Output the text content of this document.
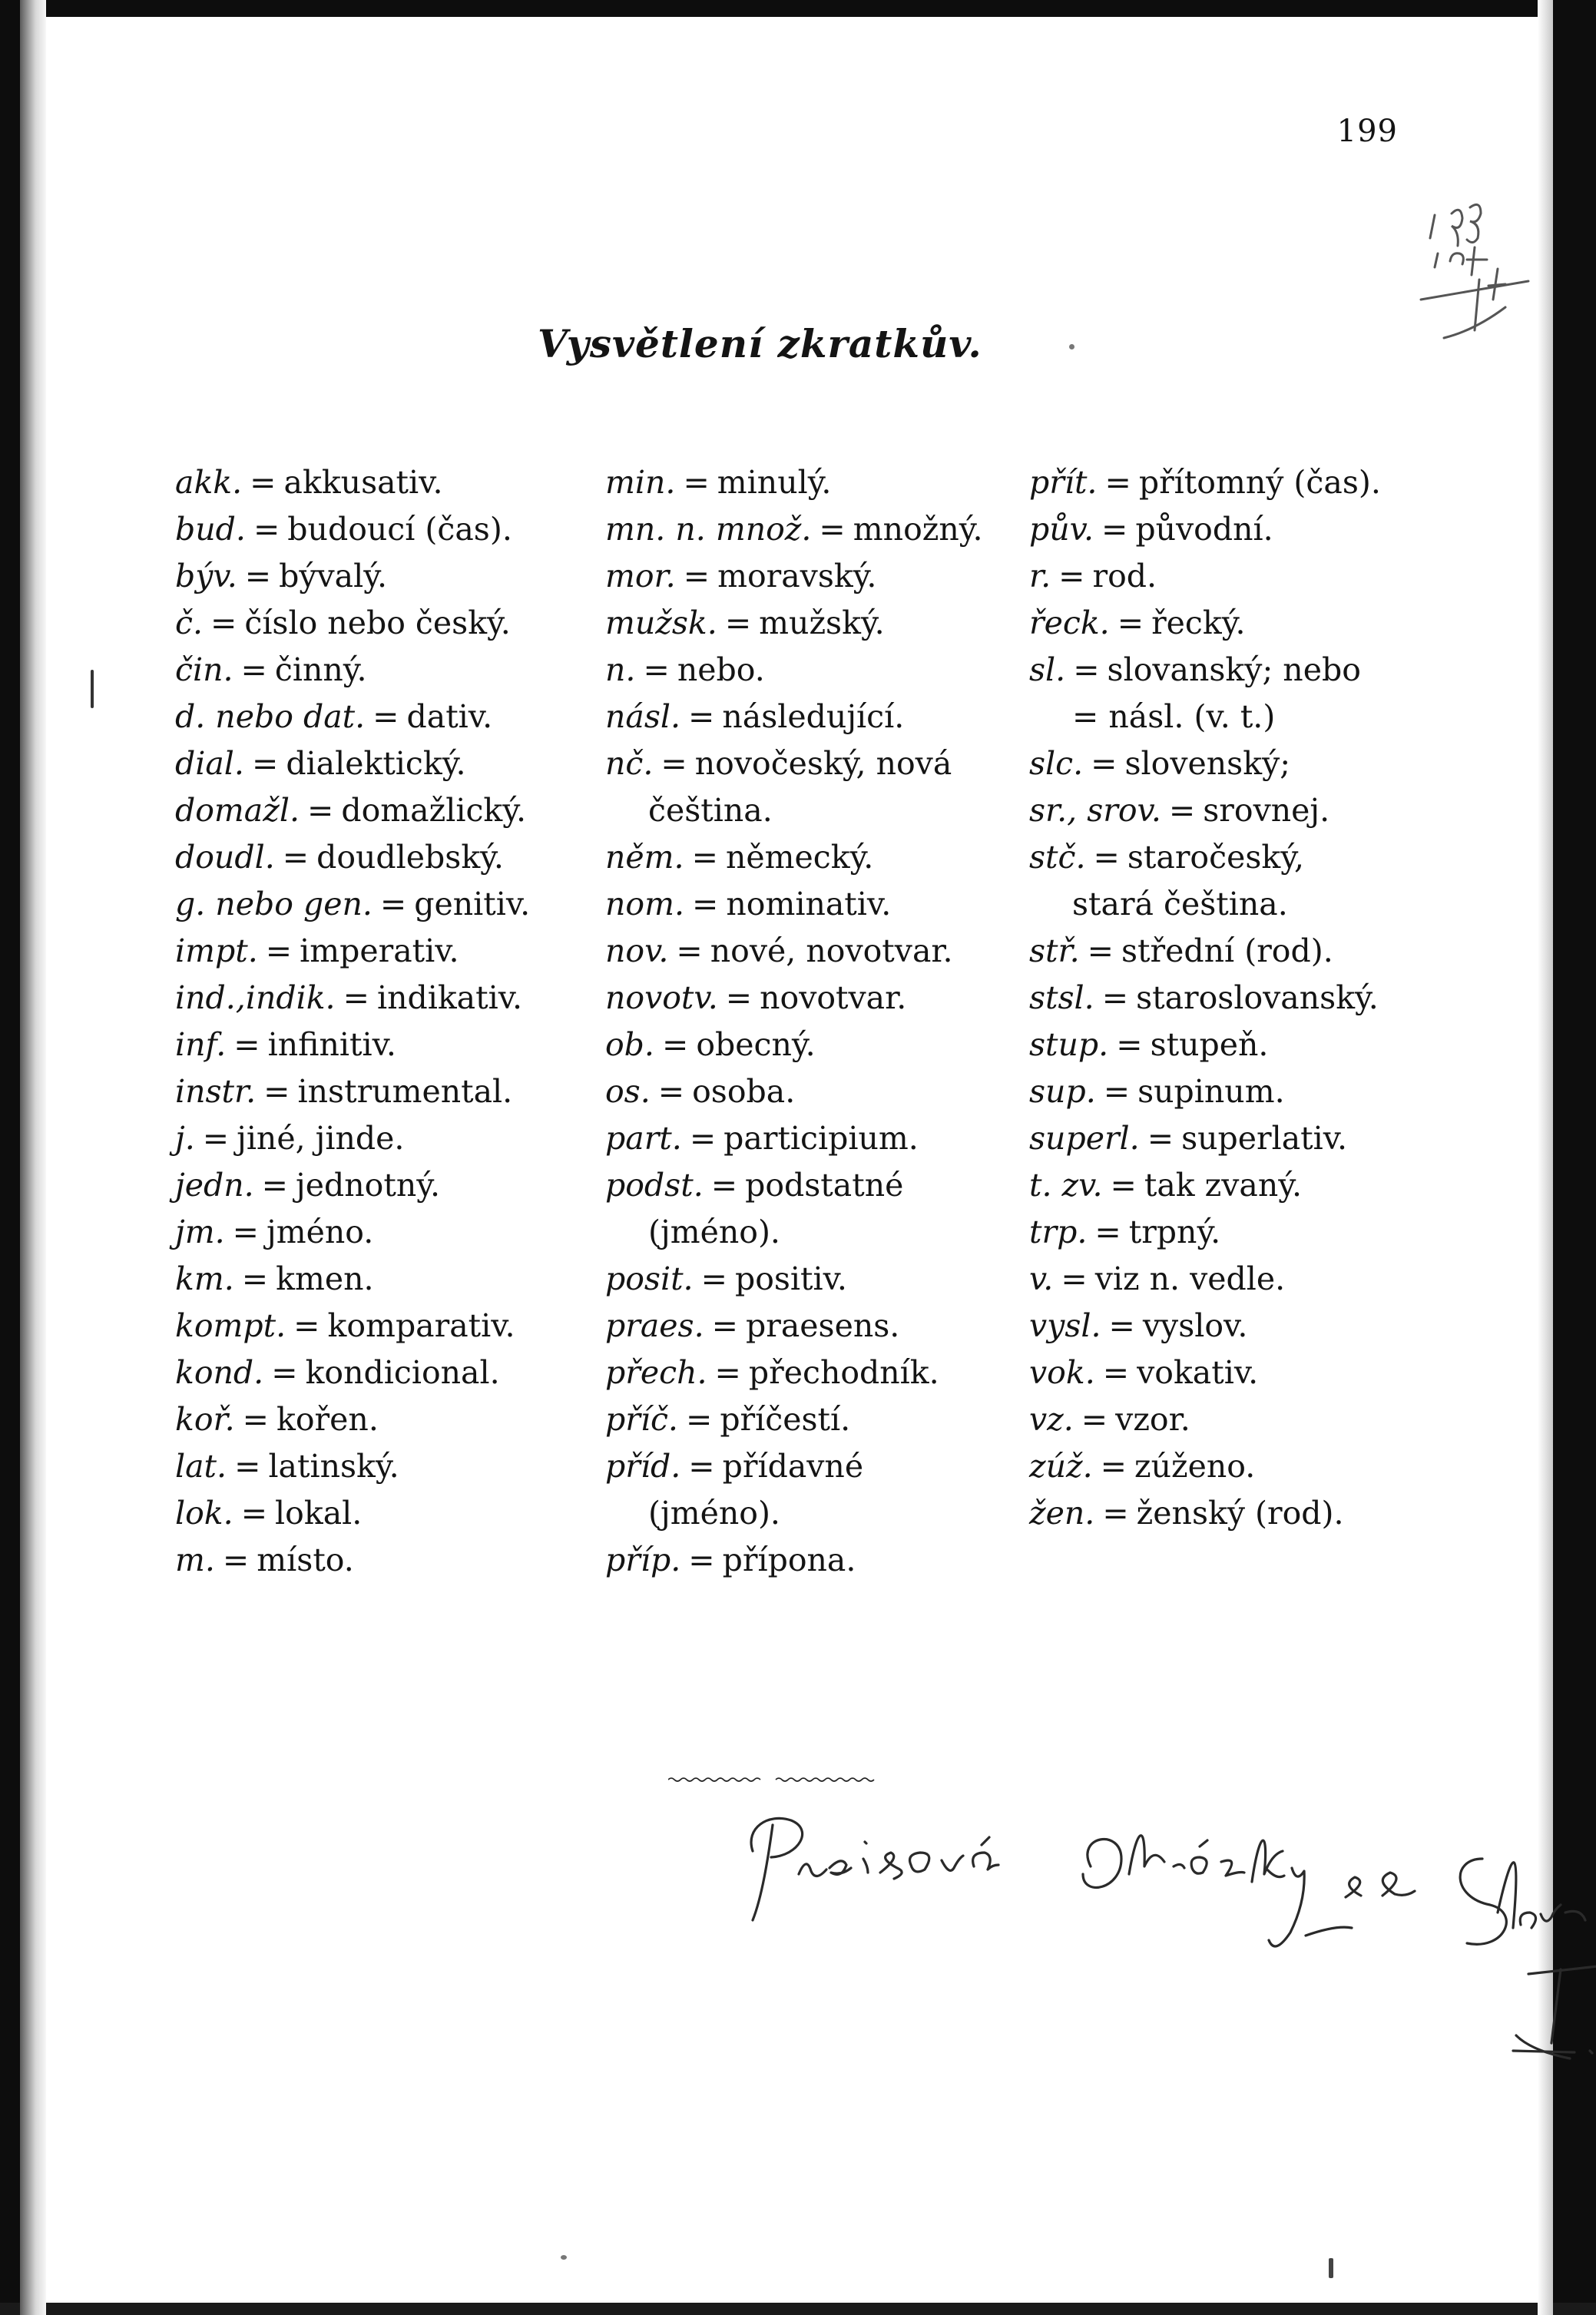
199
Vysvětlení zkratkův.
akk. = akkusativ.
bud. = budoucí (čas).
býv. = bývalý.
č. = číslo nebo český.
čin. = činný.
d. nebo dat. = dativ.
dial. = dialektický.
domažl. = domažlický.
doudl. = doudlebský.
g. nebo gen. = genitiv.
impt. = imperativ.
ind.,indik. = indikativ.
inf. = infinitiv.
instr. = instrumental.
j. = jiné, jinde.
jedn. = jednotný.
jm. = jméno.
km. = kmen.
kompt. = komparativ.
kond. = kondicional.
koř. = kořen.
lat. = latinský.
lok. = lokal.
m. = místo.
min. = minulý.
mn. n. množ. = množný.
mor. = moravský.
mužsk. = mužský.
n. = nebo.
násl. = následující.
nč. = novočeský, nová
čeština.
něm. = německý.
nom. = nominativ.
nov. = nové, novotvar.
novotv. = novotvar.
ob. = obecný.
os. = osoba.
part. = participium.
podst. = podstatné
(jméno).
posit. = positiv.
praes. = praesens.
přech. = přechodník.
příč. = příčestí.
příd. = přídavné
(jméno).
příp. = přípona.
přít. = přítomný (čas).
pův. = původní.
r. = rod.
řeck. = řecký.
sl. = slovanský; nebo
= násl. (v. t.)
slc. = slovenský;
sr., srov. = srovnej.
stč. = staročeský,
stará čeština.
stř. = střední (rod).
stsl. = staroslovanský.
stup. = stupeň.
sup. = supinum.
superl. = superlativ.
t. zv. = tak zvaný.
trp. = trpný.
v. = viz n. vedle.
vysl. = vyslov.
vok. = vokativ.
vz. = vzor.
zúž. = zúženo.
žen. = ženský (rod).
